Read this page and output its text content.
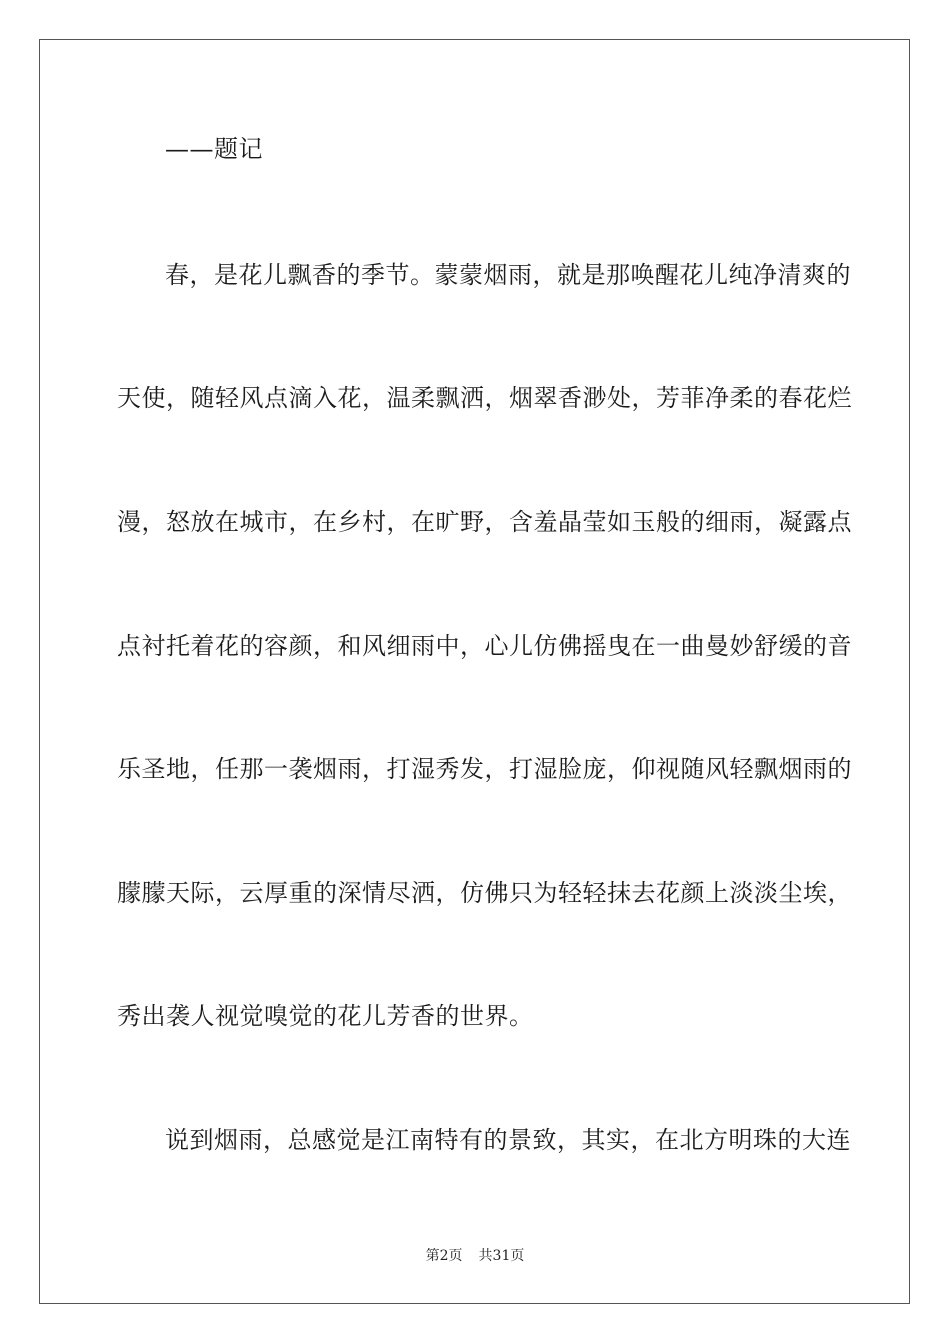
——题记
春，是花儿飘香的季节。蒙蒙烟雨，就是那唤醒花儿纯净清爽的
天使，随轻风点滴入花，温柔飘洒，烟翠香渺处，芳菲净柔的春花烂
漫，怒放在城市，在乡村，在旷野，含羞晶莹如玉般的细雨，凝露点
点衬托着花的容颜，和风细雨中，心儿仿佛摇曳在一曲曼妙舒缓的音
乐圣地，任那一袭烟雨，打湿秀发，打湿脸庞，仰视随风轻飘烟雨的
朦朦天际，云厚重的深情尽洒，仿佛只为轻轻抹去花颜上淡淡尘埃，
秀出袭人视觉嗅觉的花儿芳香的世界。
说到烟雨，总感觉是江南特有的景致，其实，在北方明珠的大连
第2页 共31页
